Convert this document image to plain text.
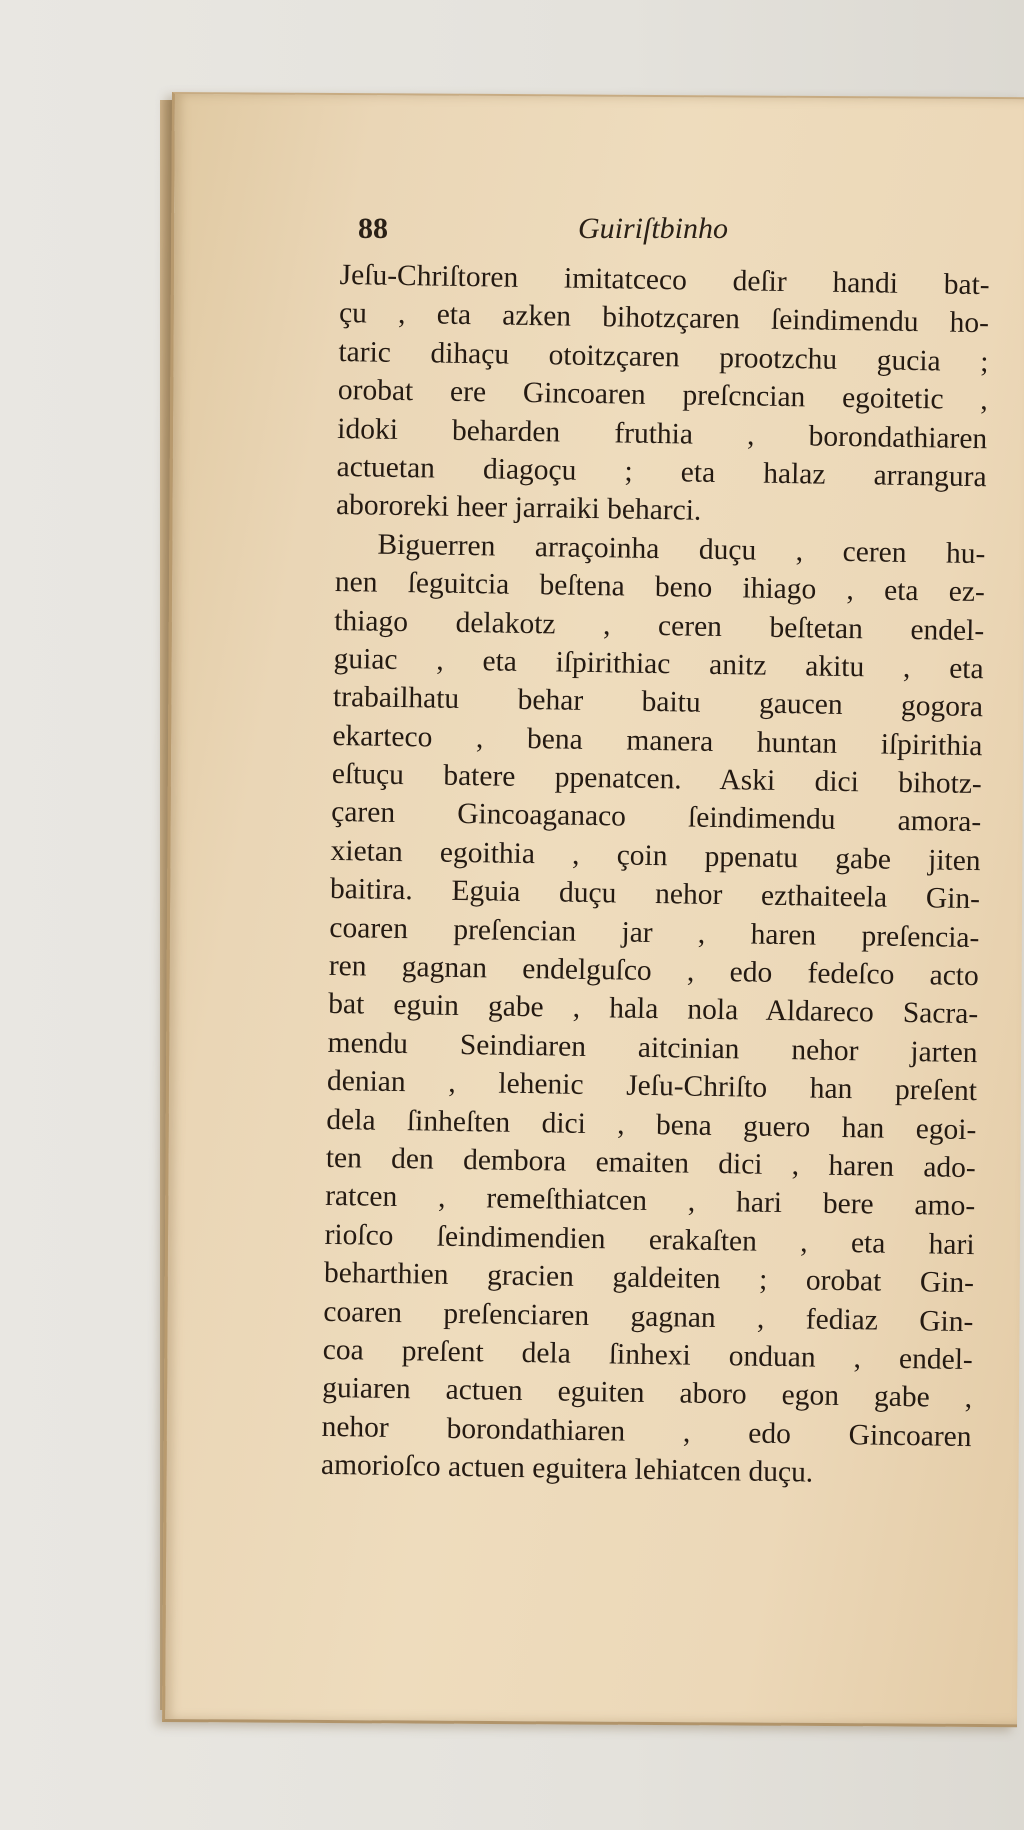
88	Guiriſtbinho
Jeſu-Chriſtoren imitatceco deſir handi bat-
çu , eta azken bihotzçaren ſeindimendu ho-
taric dihaçu otoitzçaren prootzchu gucia ;
orobat ere Gincoaren preſcncian egoitetic ,
idoki beharden fruthia , borondathiaren
actuetan diagoçu ; eta halaz arrangura
abororeki heer jarraiki beharci.
Biguerren arraçoinha duçu , ceren hu-
nen ſeguitcia beſtena beno ihiago , eta ez-
thiago delakotz , ceren beſtetan endel-
guiac , eta iſpirithiac anitz akitu , eta
trabailhatu behar baitu gaucen gogora
ekarteco , bena manera huntan iſpirithia
eſtuçu batere ppenatcen. Aski dici bihotz-
çaren Gincoaganaco ſeindimendu amora-
xietan egoithia , çoin ppenatu gabe jiten
baitira. Eguia duçu nehor ezthaiteela Gin-
coaren preſencian jar , haren preſencia-
ren gagnan endelguſco , edo fedeſco acto
bat eguin gabe , hala nola Aldareco Sacra-
mendu Seindiaren aitcinian nehor jarten
denian , lehenic Jeſu-Chriſto han preſent
dela ſinheſten dici , bena guero han egoi-
ten den dembora emaiten dici , haren ado-
ratcen , remeſthiatcen , hari bere amo-
rioſco ſeindimendien erakaſten , eta hari
beharthien gracien galdeiten ; orobat Gin-
coaren preſenciaren gagnan , fediaz Gin-
coa preſent dela ſinhexi onduan , endel-
guiaren actuen eguiten aboro egon gabe ,
nehor borondathiaren , edo Gincoaren
amorioſco actuen eguitera lehiatcen duçu.
